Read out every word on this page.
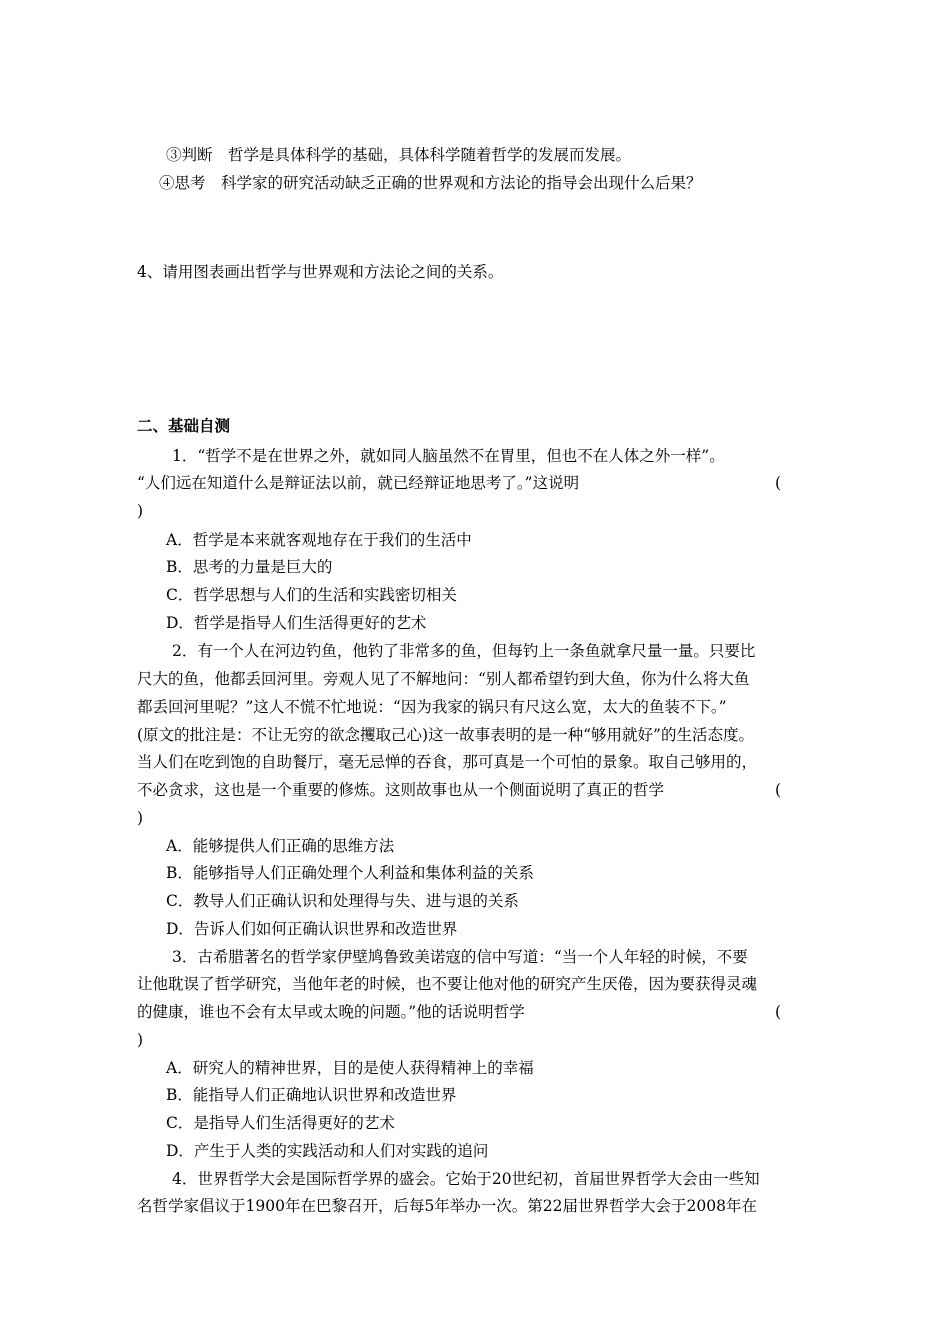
③判断　哲学是具体科学的基础，具体科学随着哲学的发展而发展。
④思考　科学家的研究活动缺乏正确的世界观和方法论的指导会出现什么后果？
4、请用图表画出哲学与世界观和方法论之间的关系。
二、基础自测
1．“哲学不是在世界之外，就如同人脑虽然不在胃里，但也不在人体之外一样”。
“人们远在知道什么是辩证法以前，就已经辩证地思考了。”这说明	(
)
A．哲学是本来就客观地存在于我们的生活中
B．思考的力量是巨大的
C．哲学思想与人们的生活和实践密切相关
D．哲学是指导人们生活得更好的艺术
2．有一个人在河边钓鱼，他钓了非常多的鱼，但每钓上一条鱼就拿尺量一量。只要比
尺大的鱼，他都丢回河里。旁观人见了不解地问：“别人都希望钓到大鱼，你为什么将大鱼
都丢回河里呢？”这人不慌不忙地说：“因为我家的锅只有尺这么宽，太大的鱼装不下。”
(原文的批注是：不让无穷的欲念攫取己心)这一故事表明的是一种“够用就好”的生活态度。
当人们在吃到饱的自助餐厅，毫无忌惮的吞食，那可真是一个可怕的景象。取自己够用的，
不必贪求，这也是一个重要的修炼。这则故事也从一个侧面说明了真正的哲学	(
)
A．能够提供人们正确的思维方法
B．能够指导人们正确处理个人利益和集体利益的关系
C．教导人们正确认识和处理得与失、进与退的关系
D．告诉人们如何正确认识世界和改造世界
3．古希腊著名的哲学家伊壁鸠鲁致美诺寇的信中写道：“当一个人年轻的时候，不要
让他耽误了哲学研究，当他年老的时候，也不要让他对他的研究产生厌倦，因为要获得灵魂
的健康，谁也不会有太早或太晚的问题。”他的话说明哲学	(
)
A．研究人的精神世界，目的是使人获得精神上的幸福
B．能指导人们正确地认识世界和改造世界
C．是指导人们生活得更好的艺术
D．产生于人类的实践活动和人们对实践的追问
4．世界哲学大会是国际哲学界的盛会。它始于20世纪初，首届世界哲学大会由一些知
名哲学家倡议于1900年在巴黎召开，后每5年举办一次。第22届世界哲学大会于2008年在
